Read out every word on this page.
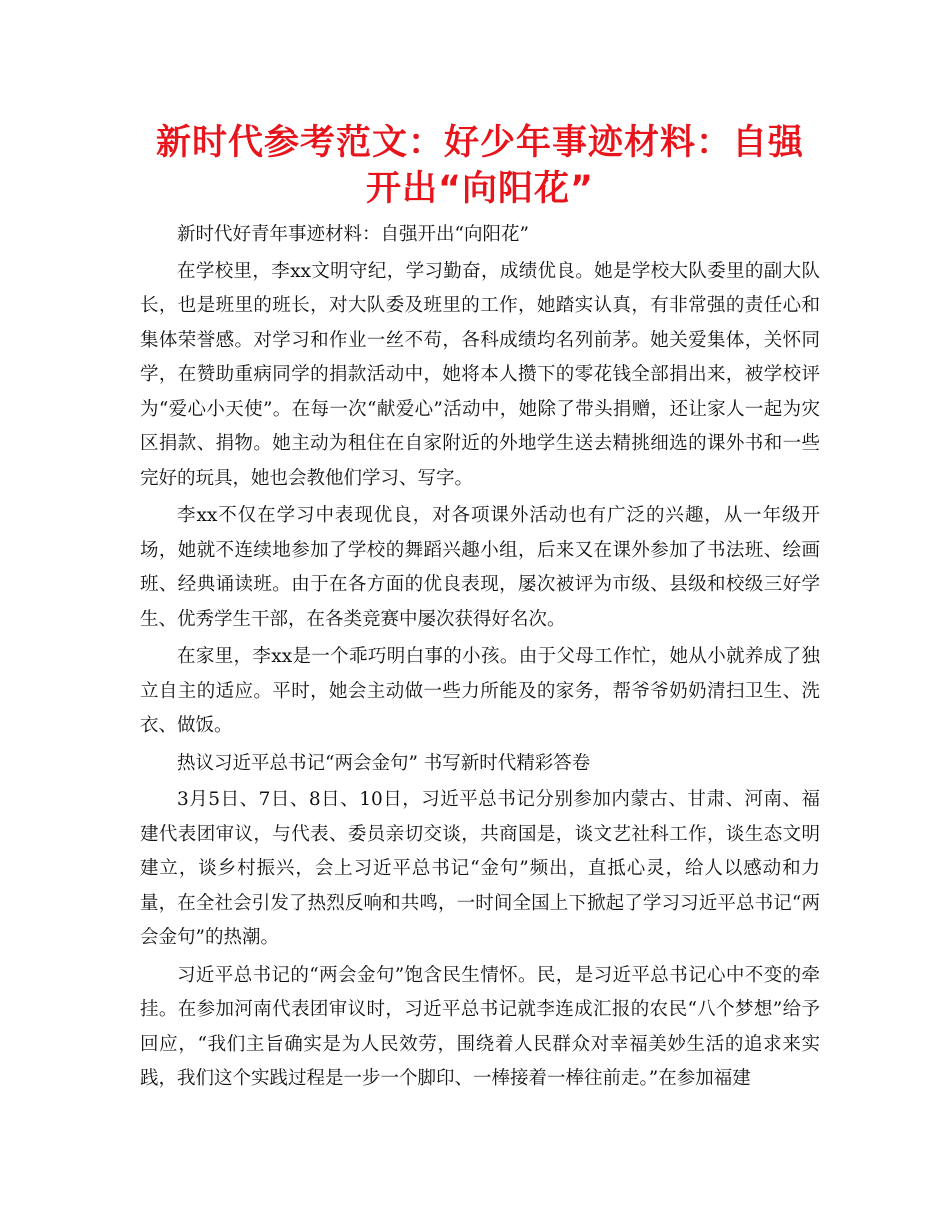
新时代参考范文：好少年事迹材料：自强开出“向阳花”

新时代好青年事迹材料：自强开出“向阳花”

在学校里，李xx文明守纪，学习勤奋，成绩优良。她是学校大队委里的副大队长，也是班里的班长，对大队委及班里的工作，她踏实认真，有非常强的责任心和集体荣誉感。对学习和作业一丝不苟，各科成绩均名列前茅。她关爱集体，关怀同学，在赞助重病同学的捐款活动中，她将本人攒下的零花钱全部捐出来，被学校评为“爱心小天使”。在每一次“献爱心”活动中，她除了带头捐赠，还让家人一起为灾区捐款、捐物。她主动为租住在自家附近的外地学生送去精挑细选的课外书和一些完好的玩具，她也会教他们学习、写字。

李xx不仅在学习中表现优良，对各项课外活动也有广泛的兴趣，从一年级开场，她就不连续地参加了学校的舞蹈兴趣小组，后来又在课外参加了书法班、绘画班、经典诵读班。由于在各方面的优良表现，屡次被评为市级、县级和校级三好学生、优秀学生干部，在各类竞赛中屡次获得好名次。

在家里，李xx是一个乖巧明白事的小孩。由于父母工作忙，她从小就养成了独立自主的适应。平时，她会主动做一些力所能及的家务，帮爷爷奶奶清扫卫生、洗衣、做饭。

热议习近平总书记“两会金句” 书写新时代精彩答卷

3月5日、7日、8日、10日，习近平总书记分别参加内蒙古、甘肃、河南、福建代表团审议，与代表、委员亲切交谈，共商国是，谈文艺社科工作，谈生态文明建立，谈乡村振兴，会上习近平总书记“金句”频出，直抵心灵，给人以感动和力量，在全社会引发了热烈反响和共鸣，一时间全国上下掀起了学习习近平总书记“两会金句”的热潮。

习近平总书记的“两会金句”饱含民生情怀。民，是习近平总书记心中不变的牵挂。在参加河南代表团审议时，习近平总书记就李连成汇报的农民“八个梦想”给予回应，“我们主旨确实是为人民效劳，围绕着人民群众对幸福美妙生活的追求来实践，我们这个实践过程是一步一个脚印、一棒接着一棒往前走。”在参加福建
